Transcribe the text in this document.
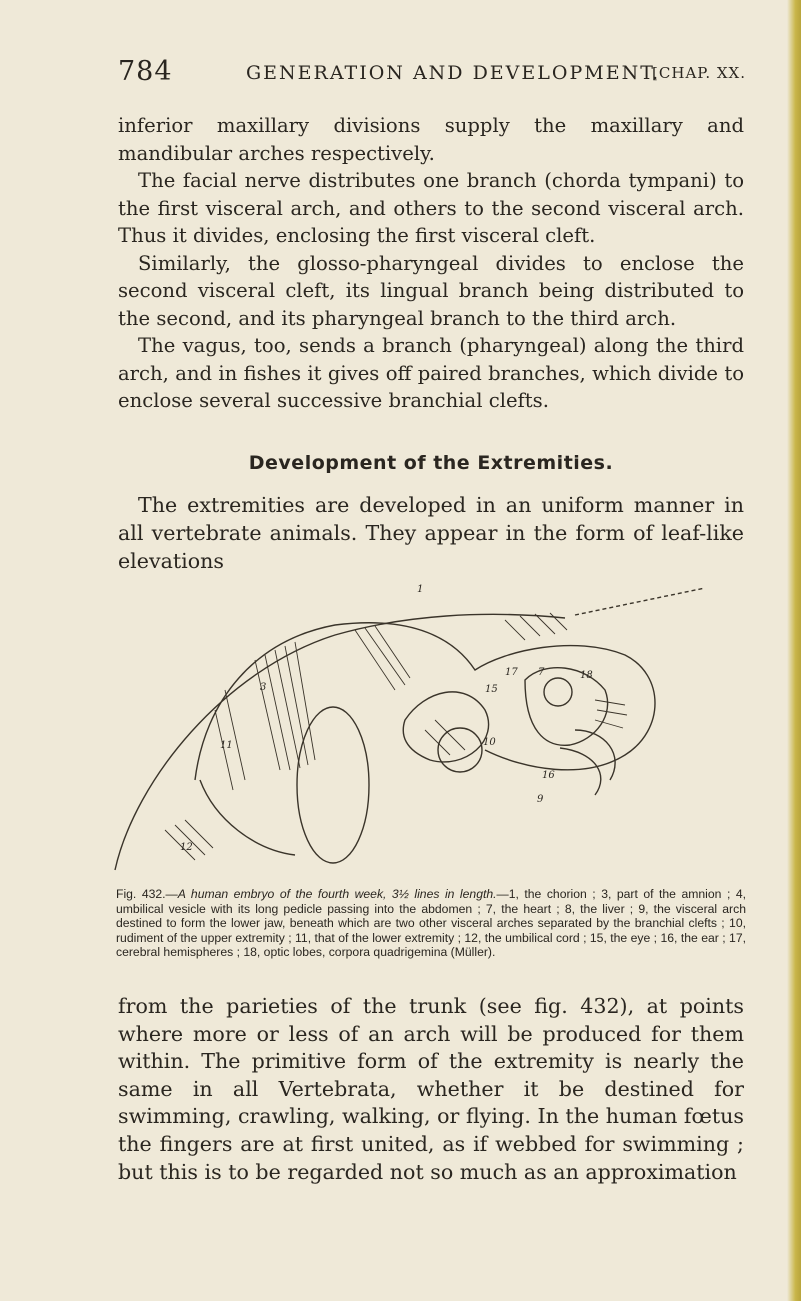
784	GENERATION AND DEVELOPMENT.
[CHAP. XX.

inferior maxillary divisions supply the maxillary and mandibular arches respectively.

The facial nerve distributes one branch (chorda tympani) to the first visceral arch, and others to the second visceral arch. Thus it divides, enclosing the first visceral cleft.

Similarly, the glosso-pharyngeal divides to enclose the second visceral cleft, its lingual branch being distributed to the second, and its pharyngeal branch to the third arch.

The vagus, too, sends a branch (pharyngeal) along the third arch, and in fishes it gives off paired branches, which divide to enclose several successive branchial clefts.

Development of the Extremities.

The extremities are developed in an uniform manner in all vertebrate animals. They appear in the form of leaf-like elevations

1
3
7
9
10
11
12
15
16
17	18
Fig. 432.—A human embryo of the fourth week, 3½ lines in length.—1, the chorion ; 3, part of the amnion ; 4, umbilical vesicle with its long pedicle passing into the abdomen ; 7, the heart ; 8, the liver ; 9, the visceral arch destined to form the lower jaw, beneath which are two other visceral arches separated by the branchial clefts ; 10, rudiment of the upper extremity ; 11, that of the lower extremity ; 12, the umbilical cord ; 15, the eye ; 16, the ear ; 17, cerebral hemispheres ; 18, optic lobes, corpora quadrigemina (Müller).
from the parieties of the trunk (see fig. 432), at points where more or less of an arch will be produced for them within. The primitive form of the extremity is nearly the same in all Vertebrata, whether it be destined for swimming, crawling, walking, or flying. In the human fœtus the fingers are at first united, as if webbed for swimming ; but this is to be regarded not so much as an approximation
